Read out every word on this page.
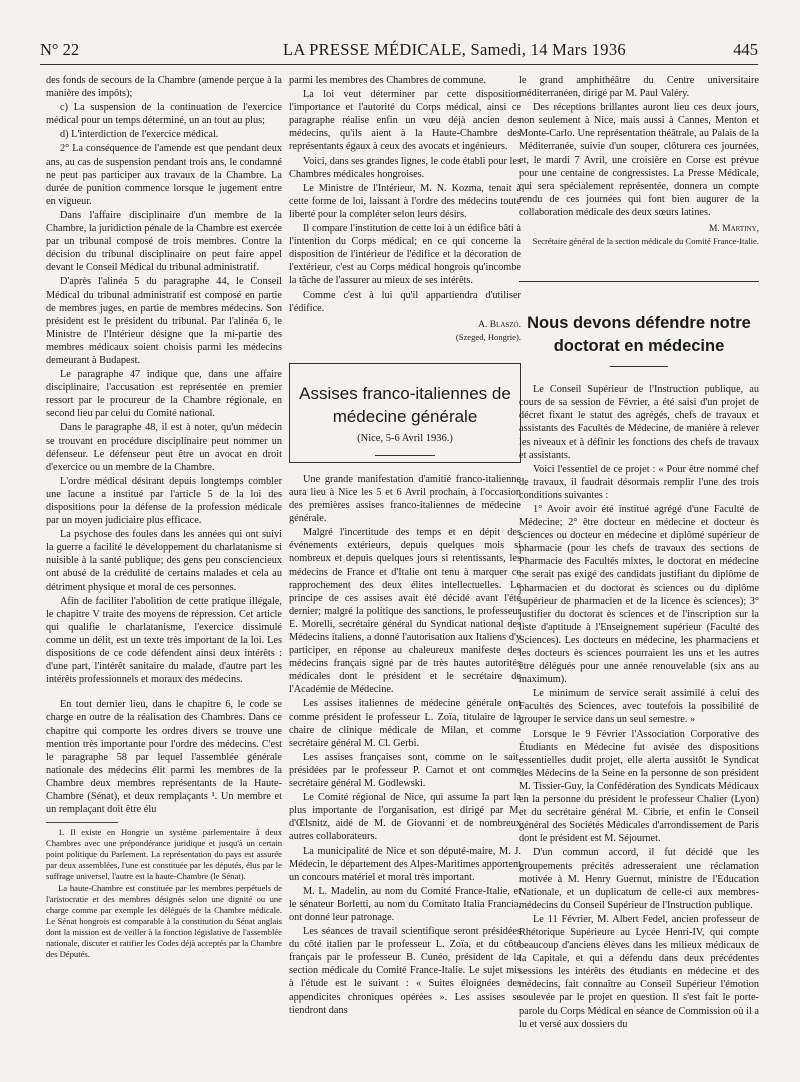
N° 22	LA PRESSE MÉDICALE, Samedi, 14 Mars 1936	445

des fonds de secours de la Chambre (amende perçue à la manière des impôts);

c) La suspension de la continuation de l'exercice médical pour un temps déterminé, un an tout au plus;

d) L'interdiction de l'exercice médical.

2° La conséquence de l'amende est que pendant deux ans, au cas de suspension pendant trois ans, le condamné ne peut pas participer aux travaux de la Chambre. La durée de punition commence lorsque le jugement entre en vigueur.

Dans l'affaire disciplinaire d'un membre de la Chambre, la juridiction pénale de la Chambre est exercée par un tribunal composé de trois membres. Contre la décision du tribunal disciplinaire on peut faire appel devant le Conseil Médical du tribunal administratif.

D'après l'alinéa 5 du paragraphe 44, le Conseil Médical du tribunal administratif est composé en partie de membres juges, en partie de membres médecins. Son président est le président du tribunal. Par l'alinéa 6, le Ministre de l'Intérieur désigne que la mi-partie des membres médicaux soient choisis parmi les médecins demeurant à Budapest.

Le paragraphe 47 indique que, dans une affaire disciplinaire, l'accusation est représentée en premier ressort par le procureur de la Chambre régionale, en second lieu par celui du Comité national.

Dans le paragraphe 48, il est à noter, qu'un médecin se trouvant en procédure disciplinaire peut nommer un défenseur. Le défenseur peut être un avocat en droit d'exercice ou un membre de la Chambre.

L'ordre médical désirant depuis longtemps combler une lacune a institué par l'article 5 de la loi des dispositions pour la défense de la profession médicale par un moyen judiciaire plus efficace.

La psychose des foules dans les années qui ont suivi la guerre a facilité le développement du charlatanisme si nuisible à la santé publique; des gens peu consciencieux ont abusé de la crédulité de certains malades et cela au détriment physique et moral de ces personnes.

Afin de faciliter l'abolition de cette pratique illégale, le chapitre V traite des moyens de répression. Cet article qui qualifie le charlatanisme, l'exercice dissimulé comme un délit, est un texte très important de la loi. Les dispositions de ce code défendent ainsi deux intérêts : d'une part, l'intérêt sanitaire du malade, d'autre part les intérêts professionnels et moraux des médecins.

En tout dernier lieu, dans le chapitre 6, le code se charge en outre de la réalisation des Chambres. Dans ce chapitre qui comporte les ordres divers se trouve une mention très importante pour l'ordre des médecins. C'est le paragraphe 58 par lequel l'assemblée générale nationale des médecins élit parmi les membres de la Chambre deux membres représentants de la Haute-Chambre (Sénat), et deux remplaçants ¹. Un membre et un remplaçant doit être élu

1. Il existe en Hongrie un système parlementaire à deux Chambres avec une prépondérance juridique et jusqu'à un certain point politique du Parlement. La représentation du pays est assurée par deux assemblées, l'une est constituée par les députés, élus par le suffrage universel, l'autre est la haute-Chambre (le Sénat).

La haute-Chambre est constituée par les membres perpétuels de l'aristocratie et des membres désignés selon une dignité ou une charge comme par exemple les délégués de la Chambre médicale. Le Sénat hongrois est comparable à la constitution du Sénat anglais dont la mission est de veiller à la fonction législative de l'assemblée nationale, discuter et ratifier les Codes déjà acceptés par la Chambre des Députés.

parmi les membres des Chambres de commune.

La loi veut déterminer par cette disposition l'importance et l'autorité du Corps médical, ainsi ce paragraphe réalise enfin un vœu déjà ancien des médecins, qu'ils aient à la Haute-Chambre des représentants égaux à ceux des avocats et ingénieurs.

Voici, dans ses grandes lignes, le code établi pour les Chambres médicales hongroises.

Le Ministre de l'Intérieur, M. N. Kozma, tenait à cette forme de loi, laissant à l'ordre des médecins toute liberté pour la compléter selon leurs désirs.

Il compare l'institution de cette loi à un édifice bâti à l'intention du Corps médical; en ce qui concerne la disposition de l'intérieur de l'édifice et la décoration de l'extérieur, c'est au Corps médical hongrois qu'incombe la tâche de l'assurer au mieux de ses intérêts.

Comme c'est à lui qu'il appartiendra d'utiliser l'édifice.

A. Blaszó.
(Szeged, Hongrie).
Assises franco-italiennes de médecine générale

(Nice, 5-6 Avril 1936.)

Une grande manifestation d'amitié franco-italienne aura lieu à Nice les 5 et 6 Avril prochain, à l'occasion des premières assises franco-italiennes de médecine générale.

Malgré l'incertitude des temps et en dépit des événements extérieurs, depuis quelques mois si nombreux et depuis quelques jours si retentissants, les médecins de France et d'Italie ont tenu à marquer ce rapprochement des deux élites intellectuelles. Le principe de ces assises avait été décidé avant l'été dernier; malgré la politique des sanctions, le professeur E. Morelli, secrétaire général du Syndicat national des Médecins italiens, a donné l'autorisation aux Italiens d'y participer, en réponse au chaleureux manifeste des médecins français signé par de très hautes autorités médicales dont le président et le secrétaire de l'Académie de Médecine.

Les assises italiennes de médecine générale ont comme président le professeur L. Zoïa, titulaire de la chaire de clinique médicale de Milan, et comme secrétaire général M. Cl. Gerbi.

Les assises françaises sont, comme on le sait, présidées par le professeur P. Carnot et ont comme secrétaire général M. Godlewski.

Le Comité régional de Nice, qui assume la part la plus importante de l'organisation, est dirigé par M. d'Œlsnitz, aidé de M. de Giovanni et de nombreux autres collaborateurs.

La municipalité de Nice et son député-maire, M. J. Médecin, le département des Alpes-Maritimes apportent un concours matériel et moral très important.

M. L. Madelin, au nom du Comité France-Italie, et le sénateur Borletti, au nom du Comitato Italia Francia, ont donné leur patronage.

Les séances de travail scientifique seront présidées du côté italien par le professeur L. Zoïa, et du côté français par le professeur B. Cunéo, président de la section médicale du Comité France-Italie. Le sujet mis à l'étude est le suivant : « Suites éloignées des appendicites chroniques opérées ». Les assises se tiendront dans

le grand amphithéâtre du Centre universitaire méditerranéen, dirigé par M. Paul Valéry.

Des réceptions brillantes auront lieu ces deux jours, non seulement à Nice, mais aussi à Cannes, Menton et Monte-Carlo. Une représentation théâtrale, au Palais de la Méditerranée, suivie d'un souper, clôturera ces journées, et, le mardi 7 Avril, une croisière en Corse est prévue pour une centaine de congressistes. La Presse Médicale, qui sera spécialement représentée, donnera un compte rendu de ces journées qui font bien augurer de la collaboration médicale des deux sœurs latines.

M. Martiny,
Secrétaire général de la section médicale du Comité France-Italie.
Nous devons défendre notre doctorat en médecine

Le Conseil Supérieur de l'Instruction publique, au cours de sa session de Février, a été saisi d'un projet de décret fixant le statut des agrégés, chefs de travaux et assistants des Facultés de Médecine, de manière à relever les niveaux et à définir les fonctions des chefs de travaux et assistants.

Voici l'essentiel de ce projet : « Pour être nommé chef de travaux, il faudrait désormais remplir l'une des trois conditions suivantes :

1° Avoir avoir été institué agrégé d'une Faculté de Médecine; 2° être docteur en médecine et docteur ès sciences ou docteur en médecine et diplômé supérieur de pharmacie (pour les chefs de travaux des sections de Pharmacie des Facultés mixtes, le doctorat en médecine ne serait pas exigé des candidats justifiant du diplôme de pharmacien et du doctorat ès sciences ou du diplôme supérieur de pharmacien et de la licence ès sciences); 3° justifier du doctorat ès sciences et de l'inscription sur la liste d'aptitude à l'Enseignement supérieur (Faculté des Sciences). Les docteurs en médecine, les pharmaciens et les docteurs ès sciences pourraient les uns et les autres être délégués pour une année renouvelable (six ans au maximum).

Le minimum de service serait assimilé à celui des Facultés des Sciences, avec toutefois la possibilité de grouper le service dans un seul semestre. »

Lorsque le 9 Février l'Association Corporative des Étudiants en Médecine fut avisée des dispositions essentielles dudit projet, elle alerta aussitôt le Syndicat des Médecins de la Seine en la personne de son président M. Tissier-Guy, la Confédération des Syndicats Médicaux en la personne du président le professeur Chalier (Lyon) et du secrétaire général M. Cibrie, et enfin le Conseil général des Sociétés Médicales d'arrondissement de Paris dont le président est M. Séjournet.

D'un commun accord, il fut décidé que les groupements précités adresseraient une réclamation motivée à M. Henry Guernut, ministre de l'Education Nationale, et un duplicatum de celle-ci aux membres-médecins du Conseil Supérieur de l'Instruction publique.

Le 11 Février, M. Albert Fedel, ancien professeur de Rhétorique Supérieure au Lycée Henri-IV, qui compte beaucoup d'anciens élèves dans les milieux médicaux de la Capitale, et qui a défendu dans deux précédentes sessions les intérêts des étudiants en médecine et des médecins, fait connaître au Conseil Supérieur l'émotion soulevée par le projet en question. Il s'est fait le porte-parole du Corps Médical en séance de Commission où il a lu et versé aux dossiers du
